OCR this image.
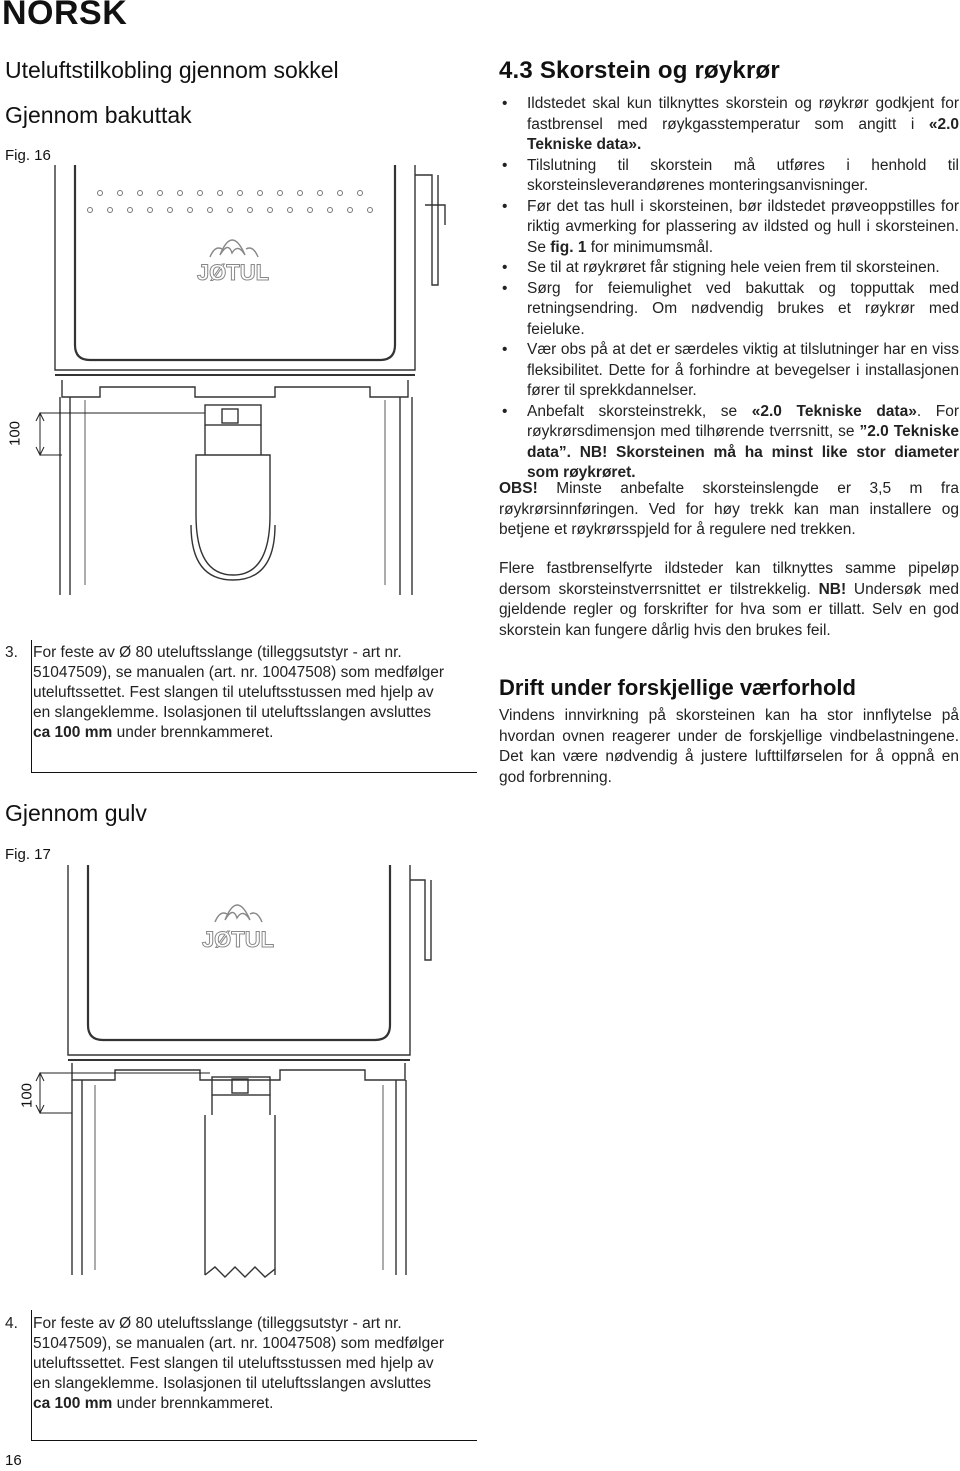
NORSK
Uteluftstilkobling gjennom sokkel
Gjennom bakuttak
Fig. 16
JØTUL
100
3. For feste av Ø 80 uteluftsslange (tilleggsutstyr - art nr.
51047509), se manualen (art. nr. 10047508) som medfølger
uteluftssettet. Fest slangen til uteluftsstussen med hjelp av
en slangeklemme. Isolasjonen til uteluftsslangen avsluttes
ca 100 mm under brennkammeret.
Gjennom gulv
Fig. 17
JØTUL
100
4. For feste av Ø 80 uteluftsslange (tilleggsutstyr - art nr.
51047509), se manualen (art. nr. 10047508) som medfølger
uteluftssettet. Fest slangen til uteluftsstussen med hjelp av
en slangeklemme. Isolasjonen til uteluftsslangen avsluttes
ca 100 mm under brennkammeret.
16
4.3 Skorstein og røykrør
• Ildstedet skal kun tilknyttes skorstein og røykrør godkjent for fastbrensel med røykgasstemperatur som angitt i «2.0 Tekniske data».
• Tilslutning til skorstein må utføres i henhold til skorsteinsleverandørenes monteringsanvisninger.
• Før det tas hull i skorsteinen, bør ildstedet prøveoppstilles for riktig avmerking for plassering av ildsted og hull i skorsteinen. Se fig. 1 for minimumsmål.
• Se til at røykrøret får stigning hele veien frem til skorsteinen.
• Sørg for feiemulighet ved bakuttak og topputtak med retningsendring. Om nødvendig brukes et røykrør med feieluke.
• Vær obs på at det er særdeles viktig at tilslutninger har en viss fleksibilitet. Dette for å forhindre at bevegelser i installasjonen fører til sprekkdannelser.
• Anbefalt skorsteinstrekk, se «2.0 Tekniske data». For røykrørsdimensjon med tilhørende tverrsnitt, se ”2.0 Tekniske data”. NB! Skorsteinen må ha minst like stor diameter som røykrøret.
OBS! Minste anbefalte skorsteinslengde er 3,5 m fra røykrørsinnføringen. Ved for høy trekk kan man installere og betjene et røykrørsspjeld for å regulere ned trekken.
Flere fastbrenselfyrte ildsteder kan tilknyttes samme pipeløp dersom skorsteinstverrsnittet er tilstrekkelig. NB! Undersøk med gjeldende regler og forskrifter for hva som er tillatt. Selv en god skorstein kan fungere dårlig hvis den brukes feil.
Drift under forskjellige værforhold
Vindens innvirkning på skorsteinen kan ha stor innflytelse på hvordan ovnen reagerer under de forskjellige vindbelastningene. Det kan være nødvendig å justere lufttilførselen for å oppnå en god forbrenning.
